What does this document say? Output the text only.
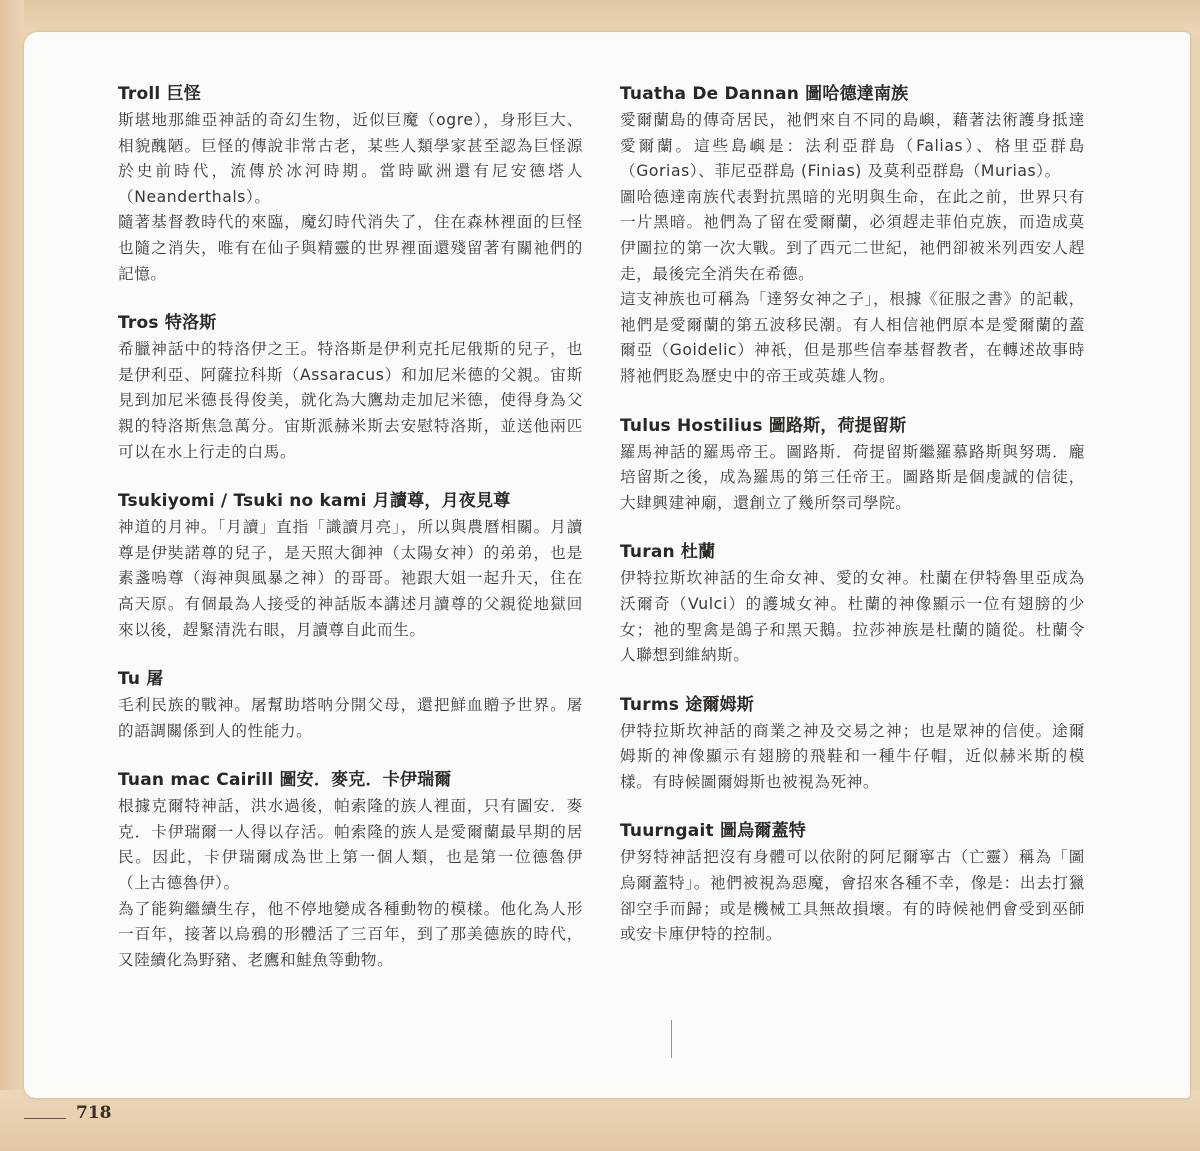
Troll 巨怪

斯堪地那維亞神話的奇幻生物，近似巨魔（ogre），身形巨大、相貌醜陋。巨怪的傳說非常古老，某些人類學家甚至認為巨怪源於史前時代，流傳於冰河時期。當時歐洲還有尼安德塔人（Neanderthals）。

隨著基督教時代的來臨，魔幻時代消失了，住在森林裡面的巨怪也隨之消失，唯有在仙子與精靈的世界裡面還殘留著有關祂們的記憶。

Tros 特洛斯

希臘神話中的特洛伊之王。特洛斯是伊利克托尼俄斯的兒子，也是伊利亞、阿薩拉科斯（Assaracus）和加尼米德的父親。宙斯見到加尼米德長得俊美，就化為大鷹劫走加尼米德，使得身為父親的特洛斯焦急萬分。宙斯派赫米斯去安慰特洛斯，並送他兩匹可以在水上行走的白馬。

Tsukiyomi / Tsuki no kami 月讀尊，月夜見尊

神道的月神。「月讀」直指「識讀月亮」，所以與農曆相關。月讀尊是伊奘諾尊的兒子，是天照大御神（太陽女神）的弟弟，也是素盞嗚尊（海神與風暴之神）的哥哥。祂跟大姐一起升天，住在高天原。有個最為人接受的神話版本講述月讀尊的父親從地獄回來以後，趕緊清洗右眼，月讀尊自此而生。

Tu 屠

毛利民族的戰神。屠幫助塔呐分開父母，還把鮮血贈予世界。屠的語調關係到人的性能力。

Tuan mac Cairill 圖安．麥克．卡伊瑞爾

根據克爾特神話，洪水過後，帕索隆的族人裡面，只有圖安．麥克．卡伊瑞爾一人得以存活。帕索隆的族人是愛爾蘭最早期的居民。因此，卡伊瑞爾成為世上第一個人類，也是第一位德魯伊（上古德魯伊）。

為了能夠繼續生存，他不停地變成各種動物的模樣。他化為人形一百年，接著以烏鴉的形體活了三百年，到了那美德族的時代，又陸續化為野豬、老鷹和鮭魚等動物。

Tuatha De Dannan 圖哈德達南族

愛爾蘭島的傳奇居民，祂們來自不同的島嶼，藉著法術護身抵達愛爾蘭。這些島嶼是：法利亞群島（Falias）、格里亞群島（Gorias）、菲尼亞群島 (Finias) 及莫利亞群島（Murias）。

圖哈德達南族代表對抗黑暗的光明與生命，在此之前，世界只有一片黑暗。祂們為了留在愛爾蘭，必須趕走菲伯克族，而造成莫伊圖拉的第一次大戰。到了西元二世紀，祂們卻被米列西安人趕走，最後完全消失在希德。

這支神族也可稱為「達努女神之子」，根據《征服之書》的記載，祂們是愛爾蘭的第五波移民潮。有人相信祂們原本是愛爾蘭的蓋爾亞（Goidelic）神祇，但是那些信奉基督教者，在轉述故事時將祂們貶為歷史中的帝王或英雄人物。

Tulus Hostilius 圖路斯，荷提留斯

羅馬神話的羅馬帝王。圖路斯．荷提留斯繼羅慕路斯與努瑪．龐培留斯之後，成為羅馬的第三任帝王。圖路斯是個虔誠的信徒，大肆興建神廟，還創立了幾所祭司學院。

Turan 杜蘭

伊特拉斯坎神話的生命女神、愛的女神。杜蘭在伊特魯里亞成為沃爾奇（Vulci）的護城女神。杜蘭的神像顯示一位有翅膀的少女；祂的聖禽是鴿子和黑天鵝。拉莎神族是杜蘭的隨從。杜蘭令人聯想到維納斯。

Turms 途爾姆斯

伊特拉斯坎神話的商業之神及交易之神；也是眾神的信使。途爾姆斯的神像顯示有翅膀的飛鞋和一種牛仔帽，近似赫米斯的模樣。有時候圖爾姆斯也被視為死神。

Tuurngait 圖烏爾蓋特

伊努特神話把沒有身體可以依附的阿尼爾寧古（亡靈）稱為「圖烏爾蓋特」。祂們被視為惡魔，會招來各種不幸，像是：出去打獵卻空手而歸；或是機械工具無故損壞。有的時候祂們會受到巫師或安卡庫伊特的控制。

718
